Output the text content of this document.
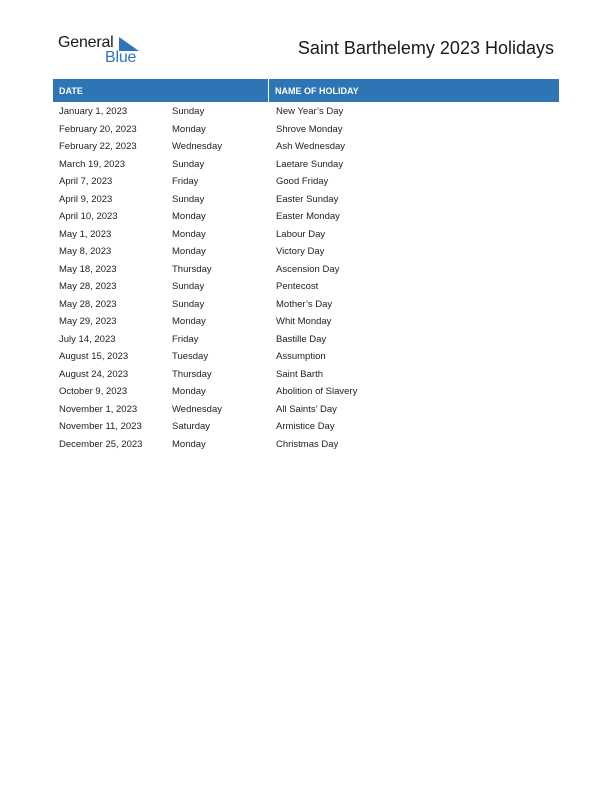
General
Blue	Saint Barthelemy 2023 Holidays
DATE	NAME OF HOLIDAY
January 1, 2023	Sunday	New Year’s Day
February 20, 2023	Monday	Shrove Monday
February 22, 2023	Wednesday	Ash Wednesday
March 19, 2023	Sunday	Laetare Sunday
April 7, 2023	Friday	Good Friday
April 9, 2023	Sunday	Easter Sunday
April 10, 2023	Monday	Easter Monday
May 1, 2023	Monday	Labour Day
May 8, 2023	Monday	Victory Day
May 18, 2023	Thursday	Ascension Day
May 28, 2023	Sunday	Pentecost
May 28, 2023	Sunday	Mother’s Day
May 29, 2023	Monday	Whit Monday
July 14, 2023	Friday	Bastille Day
August 15, 2023	Tuesday	Assumption
August 24, 2023	Thursday	Saint Barth
October 9, 2023	Monday	Abolition of Slavery
November 1, 2023	Wednesday	All Saints’ Day
November 11, 2023	Saturday	Armistice Day
December 25, 2023	Monday	Christmas Day
